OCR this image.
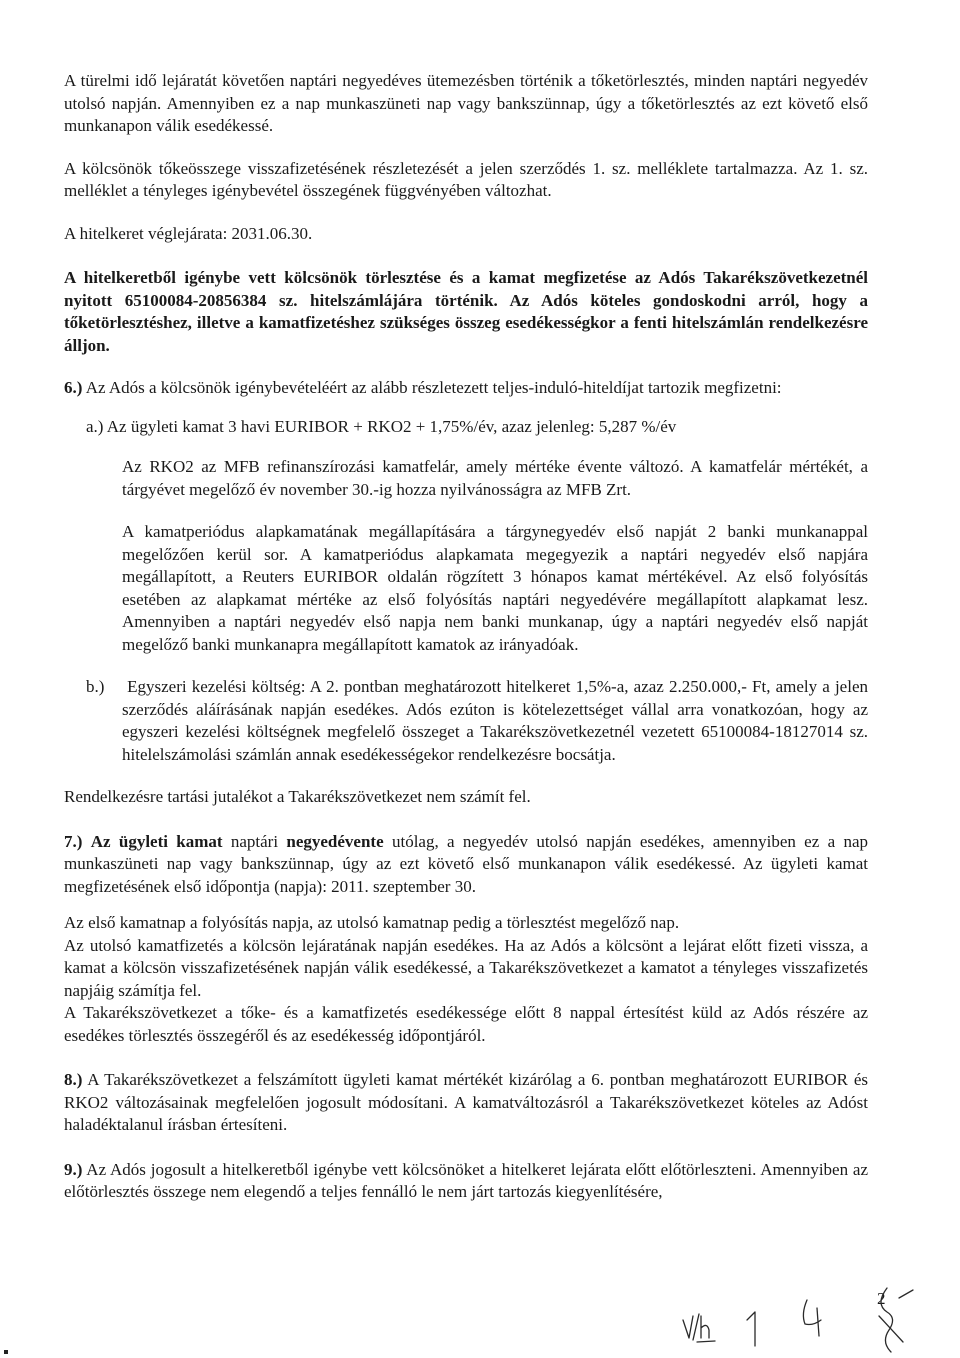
A türelmi idő lejáratát követően naptári negyedéves ütemezésben történik a tőketörlesztés, minden naptári negyedév utolsó napján. Amennyiben ez a nap munkaszüneti nap vagy bankszünnap, úgy a tőketörlesztés az ezt követő első munkanapon válik esedékessé.

A kölcsönök tőkeösszege visszafizetésének részletezését a jelen szerződés 1. sz. melléklete tartalmazza. Az 1. sz. melléklet a tényleges igénybevétel összegének függvényében változhat.

A hitelkeret véglejárata: 2031.06.30.

A hitelkeretből igénybe vett kölcsönök törlesztése és a kamat megfizetése az Adós Takarékszövetkezetnél nyitott 65100084-20856384 sz. hitelszámlájára történik. Az Adós köteles gondoskodni arról, hogy a tőketörlesztéshez, illetve a kamatfizetéshez szükséges összeg esedékességkor a fenti hitelszámlán rendelkezésre álljon.

6.) Az Adós a kölcsönök igénybevételéért az alább részletezett teljes-induló-hiteldíjat tartozik megfizetni:

a.) Az ügyleti kamat 3 havi EURIBOR + RKO2 + 1,75%/év, azaz jelenleg: 5,287 %/év

Az RKO2 az MFB refinanszírozási kamatfelár, amely mértéke évente változó. A kamatfelár mértékét, a tárgyévet megelőző év november 30.-ig hozza nyilvánosságra az MFB Zrt.

A kamatperiódus alapkamatának megállapítására a tárgynegyedév első napját 2 banki munkanappal megelőzően kerül sor. A kamatperiódus alapkamata megegyezik a naptári negyedév első napjára megállapított, a Reuters EURIBOR oldalán rögzített 3 hónapos kamat mértékével. Az első folyósítás esetében az alapkamat mértéke az első folyósítás naptári negyedévére megállapított alapkamat lesz. Amennyiben a naptári negyedév első napja nem banki munkanap, úgy a naptári negyedév első napját megelőző banki munkanapra megállapított kamatok az irányadóak.

b.) Egyszeri kezelési költség: A 2. pontban meghatározott hitelkeret 1,5%-a, azaz 2.250.000,- Ft, amely a jelen szerződés aláírásának napján esedékes. Adós ezúton is kötelezettséget vállal arra vonatkozóan, hogy az egyszeri kezelési költségnek megfelelő összeget a Takarékszövetkezetnél vezetett 65100084-18127014 sz. hitelelszámolási számlán annak esedékességekor rendelkezésre bocsátja.

Rendelkezésre tartási jutalékot a Takarékszövetkezet nem számít fel.

7.) Az ügyleti kamat naptári negyedévente utólag, a negyedév utolsó napján esedékes, amennyiben ez a nap munkaszüneti nap vagy bankszünnap, úgy az ezt követő első munkanapon válik esedékessé. Az ügyleti kamat megfizetésének első időpontja (napja): 2011. szeptember 30.

Az első kamatnap a folyósítás napja, az utolsó kamatnap pedig a törlesztést megelőző nap.

Az utolsó kamatfizetés a kölcsön lejáratának napján esedékes. Ha az Adós a kölcsönt a lejárat előtt fizeti vissza, a kamat a kölcsön visszafizetésének napján válik esedékessé, a Takarékszövetkezet a kamatot a tényleges visszafizetés napjáig számítja fel.

A Takarékszövetkezet a tőke- és a kamatfizetés esedékessége előtt 8 nappal értesítést küld az Adós részére az esedékes törlesztés összegéről és az esedékesség időpontjáról.

8.) A Takarékszövetkezet a felszámított ügyleti kamat mértékét kizárólag a 6. pontban meghatározott EURIBOR és RKO2 változásainak megfelelően jogosult módosítani. A kamatváltozásról a Takarékszövetkezet köteles az Adóst haladéktalanul írásban értesíteni.

9.) Az Adós jogosult a hitelkeretből igénybe vett kölcsönöket a hitelkeret lejárata előtt előtörleszteni. Amennyiben az előtörlesztés összege nem elegendő a teljes fennálló le nem járt tartozás kiegyenlítésére,

2
